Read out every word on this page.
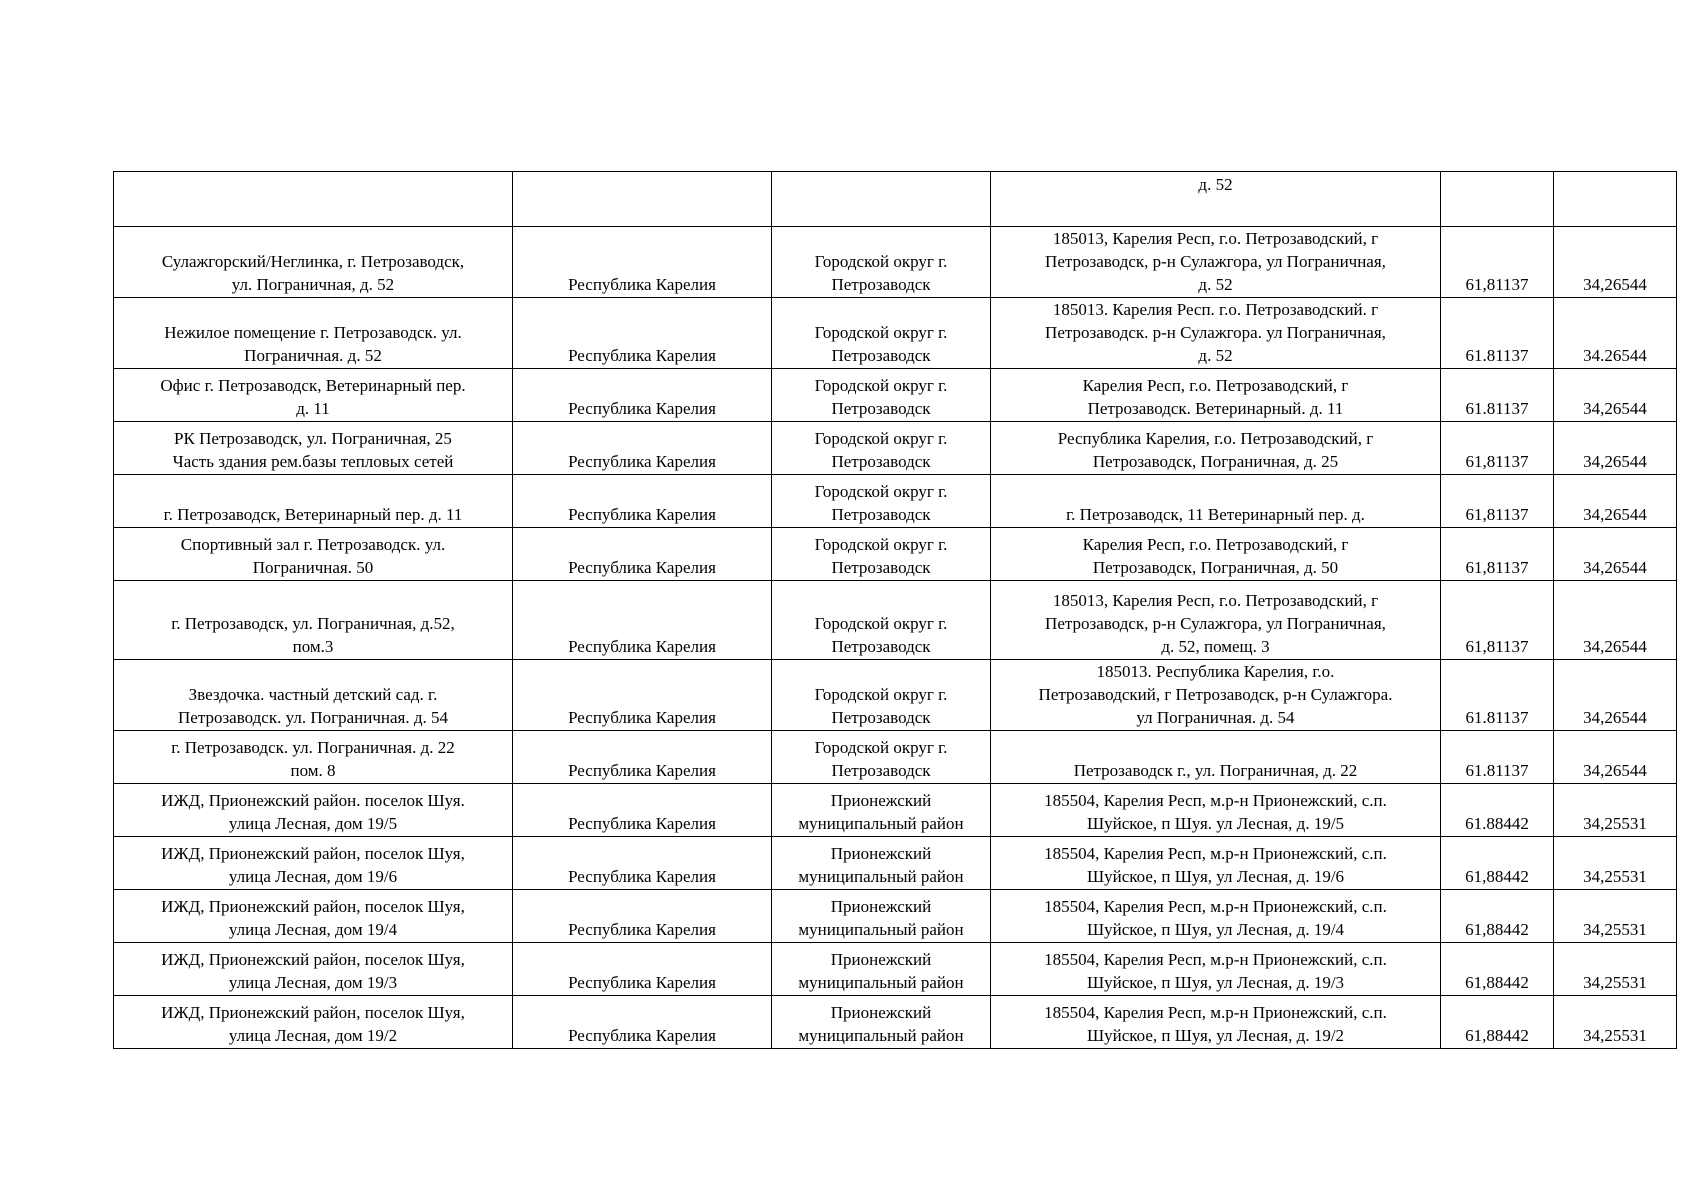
			д. 52		

Сулажгорский/Неглинка, г. Петрозаводск,
ул. Пограничная, д. 52	Республика Карелия	Городской округ г.
Петрозаводск	185013, Карелия Респ, г.о. Петрозаводский, г
Петрозаводск, р-н Сулажгора, ул Пограничная,
д. 52	61,81137	34,26544

Нежилое помещение г. Петрозаводск. ул.
Пограничная. д. 52	Республика Карелия	Городской округ г.
Петрозаводск	185013. Карелия Респ. г.о. Петрозаводский. г
Петрозаводск. р-н Сулажгора. ул Пограничная,
д. 52	61.81137	34.26544

Офис г. Петрозаводск, Ветеринарный пер.
д. 11	Республика Карелия	Городской округ г.
Петрозаводск	Карелия Респ, г.о. Петрозаводский, г
Петрозаводск. Ветеринарный. д. 11	61.81137	34,26544

РК Петрозаводск, ул. Пограничная, 25
Часть здания рем.базы тепловых сетей	Республика Карелия	Городской округ г.
Петрозаводск	Республика Карелия, г.о. Петрозаводский, г
Петрозаводск, Пограничная, д. 25	61,81137	34,26544

г. Петрозаводск, Ветеринарный пер. д. 11	Республика Карелия	Городской округ г.
Петрозаводск	г. Петрозаводск, 11 Ветеринарный пер. д.	61,81137	34,26544

Спортивный зал г. Петрозаводск. ул.
Пограничная. 50	Республика Карелия	Городской округ г.
Петрозаводск	Карелия Респ, г.о. Петрозаводский, г
Петрозаводск, Пограничная, д. 50	61,81137	34,26544

г. Петрозаводск, ул. Пограничная, д.52,
пом.3	Республика Карелия	Городской округ г.
Петрозаводск	185013, Карелия Респ, г.о. Петрозаводский, г
Петрозаводск, р-н Сулажгора, ул Пограничная,
д. 52, помещ. 3	61,81137	34,26544

Звездочка. частный детский сад. г.
Петрозаводск. ул. Пограничная. д. 54	Республика Карелия	Городской округ г.
Петрозаводск	185013. Республика Карелия, г.о.
Петрозаводский, г Петрозаводск, р-н Сулажгора.
ул Пограничная. д. 54	61.81137	34,26544

г. Петрозаводск. ул. Пограничная. д. 22
пом. 8	Республика Карелия	Городской округ г.
Петрозаводск	Петрозаводск г., ул. Пограничная, д. 22	61.81137	34,26544

ИЖД, Прионежский район. поселок Шуя.
улица Лесная, дом 19/5	Республика Карелия	Прионежский
муниципальный район	185504, Карелия Респ, м.р-н Прионежский, с.п.
Шуйское, п Шуя. ул Лесная, д. 19/5	61.88442	34,25531

ИЖД, Прионежский район, поселок Шуя,
улица Лесная, дом 19/6	Республика Карелия	Прионежский
муниципальный район	185504, Карелия Респ, м.р-н Прионежский, с.п.
Шуйское, п Шуя, ул Лесная, д. 19/6	61,88442	34,25531

ИЖД, Прионежский район, поселок Шуя,
улица Лесная, дом 19/4	Республика Карелия	Прионежский
муниципальный район	185504, Карелия Респ, м.р-н Прионежский, с.п.
Шуйское, п Шуя, ул Лесная, д. 19/4	61,88442	34,25531

ИЖД, Прионежский район, поселок Шуя,
улица Лесная, дом 19/3	Республика Карелия	Прионежский
муниципальный район	185504, Карелия Респ, м.р-н Прионежский, с.п.
Шуйское, п Шуя, ул Лесная, д. 19/3	61,88442	34,25531

ИЖД, Прионежский район, поселок Шуя,
улица Лесная, дом 19/2	Республика Карелия	Прионежский
муниципальный район	185504, Карелия Респ, м.р-н Прионежский, с.п.
Шуйское, п Шуя, ул Лесная, д. 19/2	61,88442	34,25531
